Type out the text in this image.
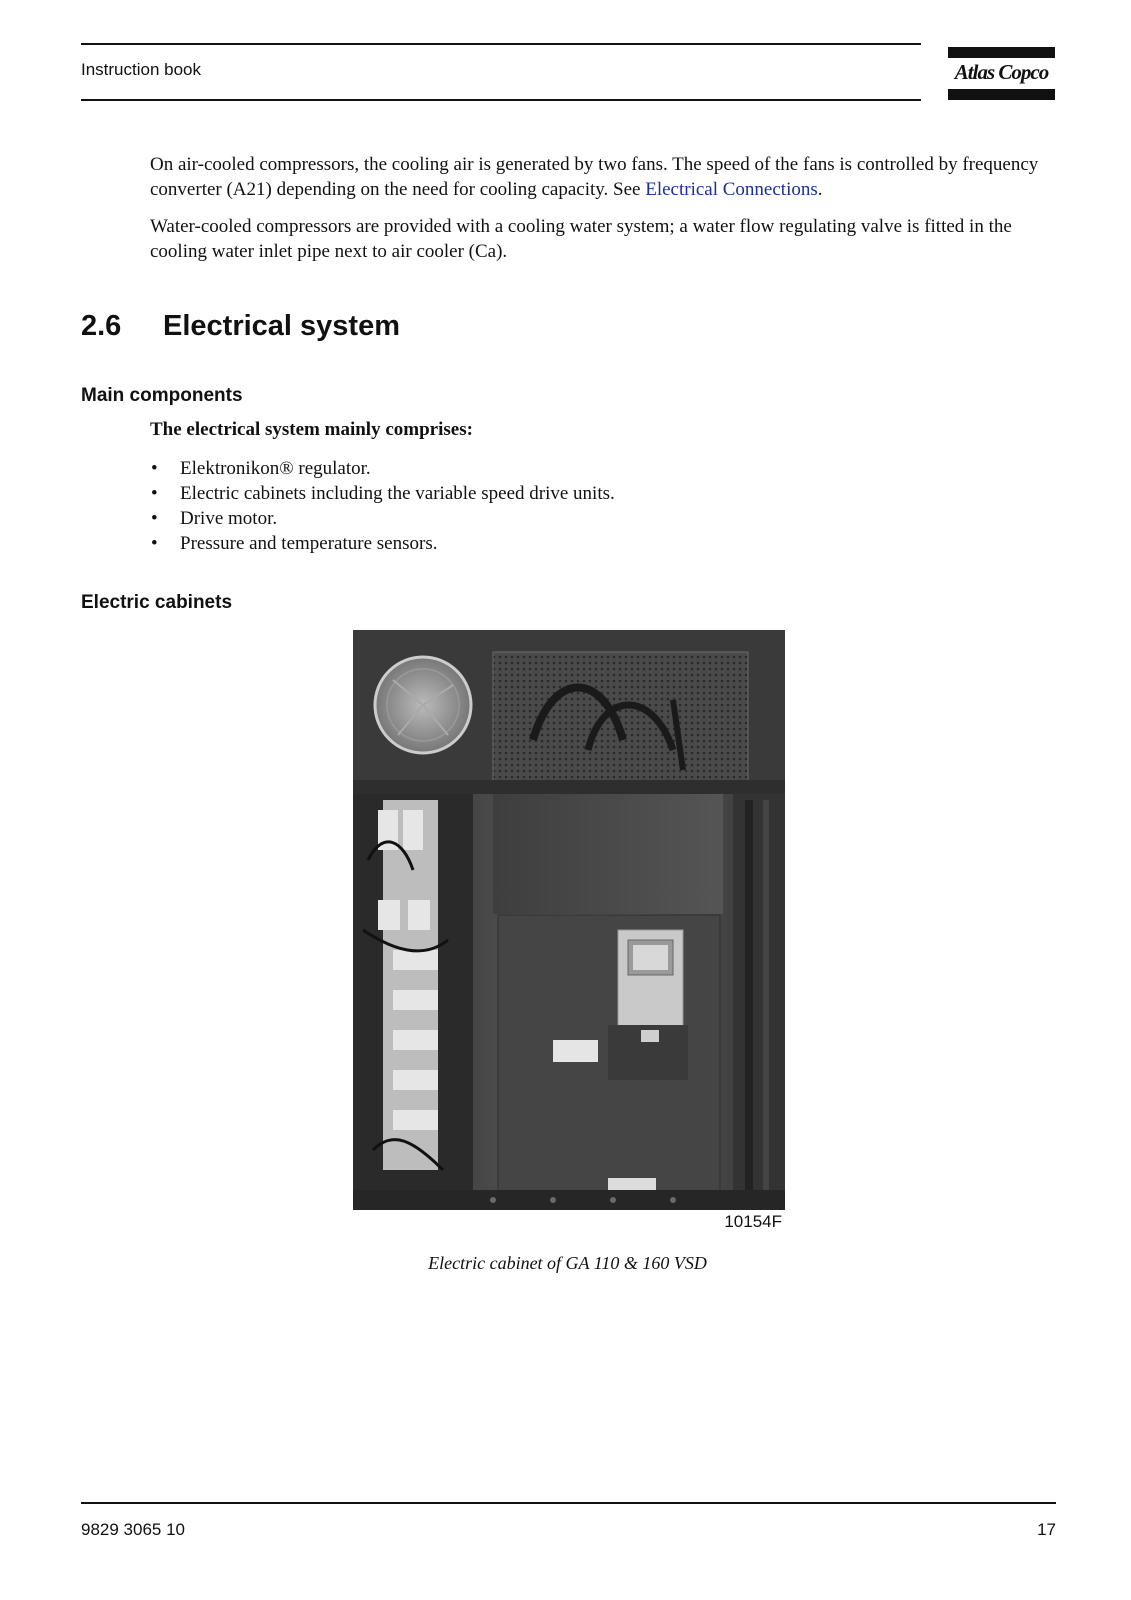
Instruction book	Atlas Copco

On air-cooled compressors, the cooling air is generated by two fans. The speed of the fans is controlled by frequency converter (A21) depending on the need for cooling capacity. See Electrical Connections.

Water-cooled compressors are provided with a cooling water system; a water flow regulating valve is fitted in the cooling water inlet pipe next to air cooler (Ca).

2.6 Electrical system
Main components
The electrical system mainly comprises:
• Elektronikon® regulator.
• Electric cabinets including the variable speed drive units.
• Drive motor.
• Pressure and temperature sensors.
Electric cabinets
10154F
Electric cabinet of GA 110 & 160 VSD
9829 3065 10	17
